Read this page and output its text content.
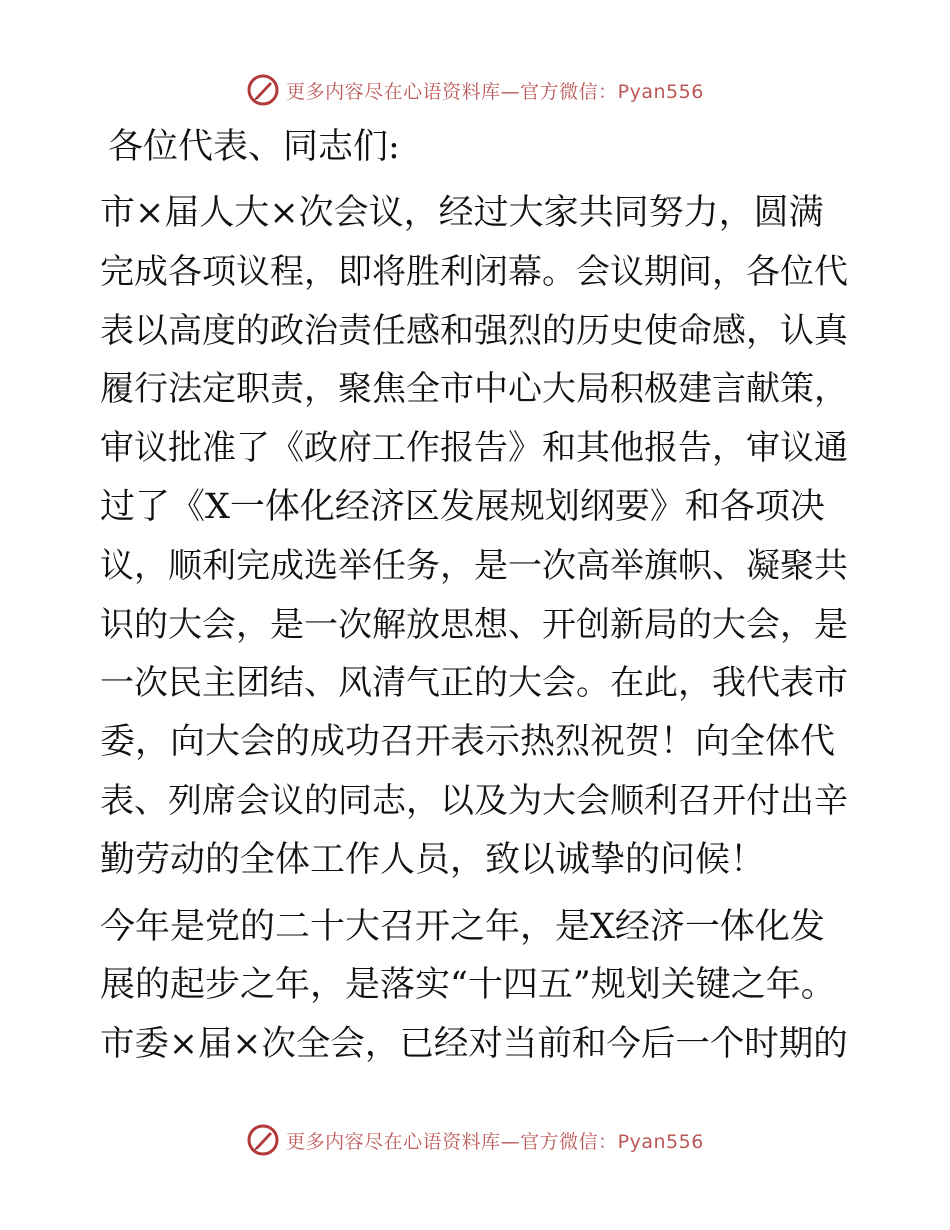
更多内容尽在心语资料库—官方微信：Pyan556
各位代表、同志们:
市×届人大×次会议，经过大家共同努力，圆满
完成各项议程，即将胜利闭幕。会议期间，各位代
表以高度的政治责任感和强烈的历史使命感，认真
履行法定职责，聚焦全市中心大局积极建言献策，
审议批准了《政府工作报告》和其他报告，审议通
过了《X一体化经济区发展规划纲要》和各项决
议，顺利完成选举任务，是一次高举旗帜、凝聚共
识的大会，是一次解放思想、开创新局的大会，是
一次民主团结、风清气正的大会。在此，我代表市
委，向大会的成功召开表示热烈祝贺！向全体代
表、列席会议的同志，以及为大会顺利召开付出辛
勤劳动的全体工作人员，致以诚挚的问候！
今年是党的二十大召开之年，是X经济一体化发
展的起步之年，是落实“十四五”规划关键之年。
市委×届×次全会，已经对当前和今后一个时期的
更多内容尽在心语资料库—官方微信：Pyan556
